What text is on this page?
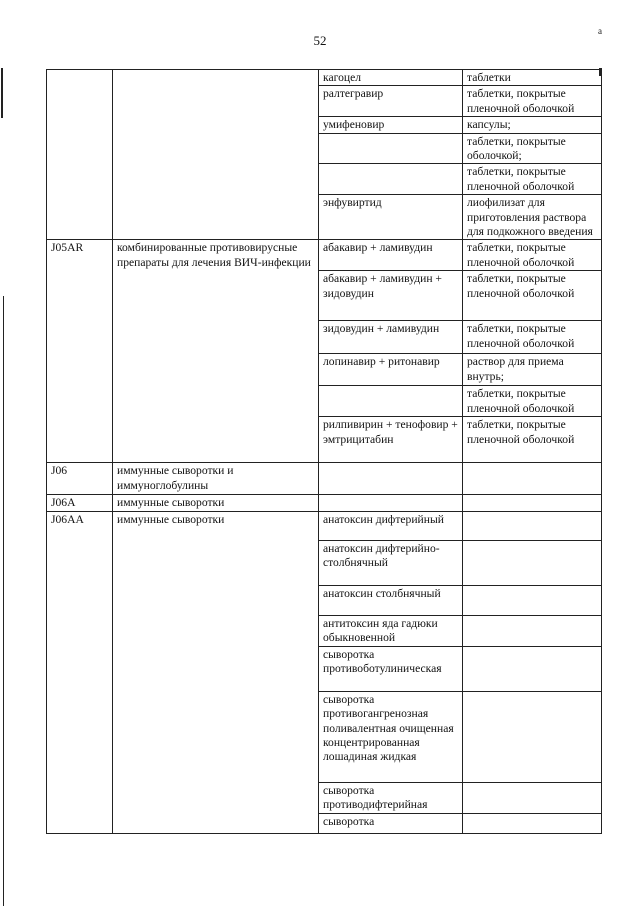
52
a
		кагоцел	таблетки
		ралтегравир	таблетки, покрытые пленочной оболочкой
		умифеновир	капсулы;
			таблетки, покрытые оболочкой;
			таблетки, покрытые пленочной оболочкой
		энфувиртид	лиофилизат для приготовления раствора для подкожного введения
J05AR	комбинированные противовирусные препараты для лечения ВИЧ-инфекции	абакавир + ламивудин	таблетки, покрытые пленочной оболочкой
		абакавир + ламивудин + зидовудин	таблетки, покрытые пленочной оболочкой
		зидовудин + ламивудин	таблетки, покрытые пленочной оболочкой
		лопинавир + ритонавир	раствор для приема внутрь;
			таблетки, покрытые пленочной оболочкой
		рилпивирин + тенофовир + эмтрицитабин	таблетки, покрытые пленочной оболочкой
J06	иммунные сыворотки и иммуноглобулины		
J06A	иммунные сыворотки		
J06AA	иммунные сыворотки	анатоксин дифтерийный	
		анатоксин дифтерийно-столбнячный	
		анатоксин столбнячный	
		антитоксин яда гадюки обыкновенной	
		сыворотка противоботулиническая	
		сыворотка противогангренозная поливалентная очищенная концентрированная лошадиная жидкая	
		сыворотка противодифтерийная	
		сыворотка	
